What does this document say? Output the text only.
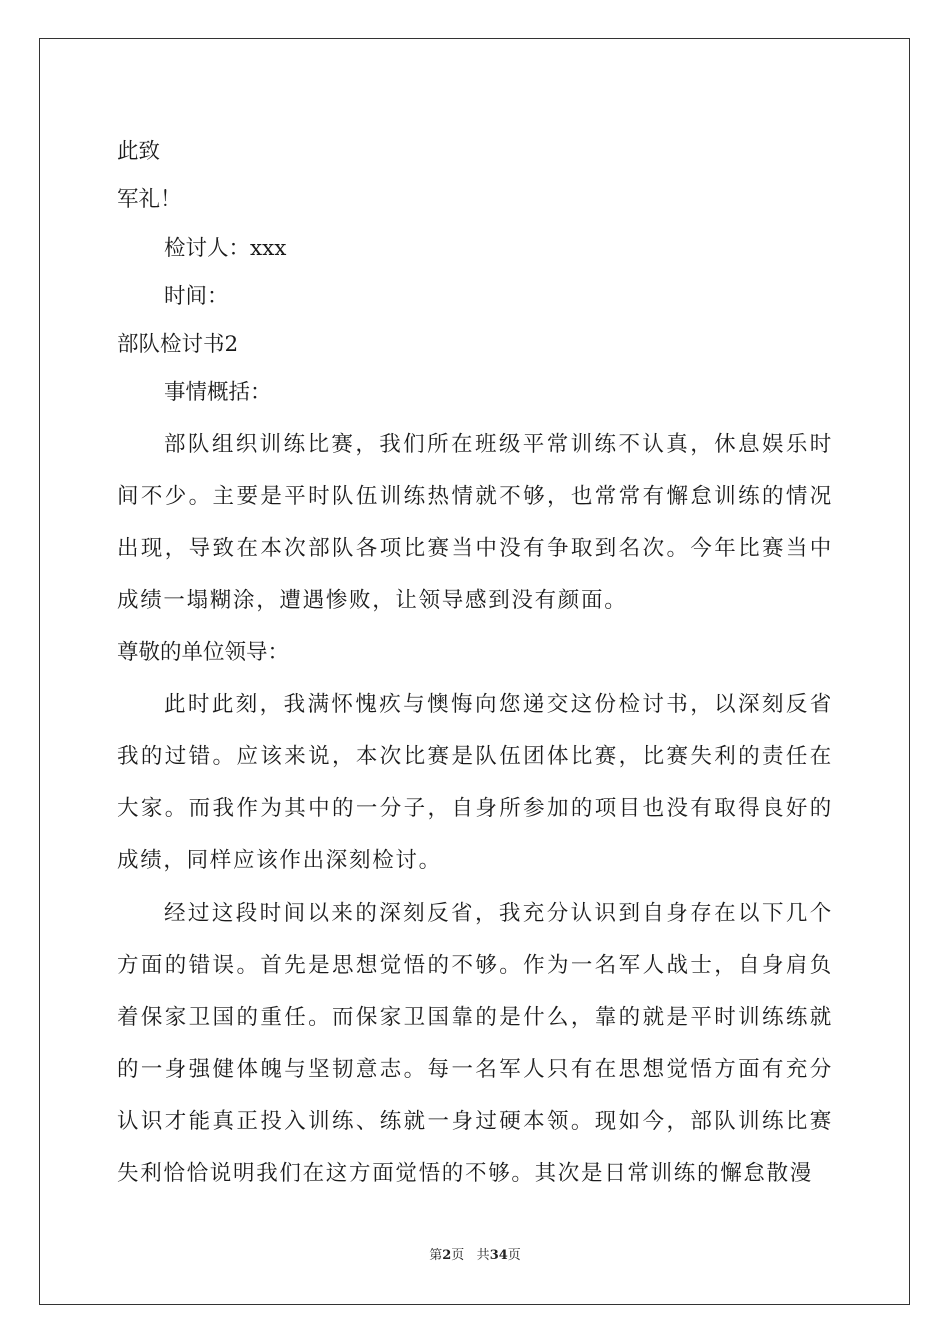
此致
军礼！
检讨人：xxx
时间：
部队检讨书2
事情概括：

部队组织训练比赛，我们所在班级平常训练不认真，休息娱乐时间不少。主要是平时队伍训练热情就不够，也常常有懈怠训练的情况出现，导致在本次部队各项比赛当中没有争取到名次。今年比赛当中成绩一塌糊涂，遭遇惨败，让领导感到没有颜面。

尊敬的单位领导：

此时此刻，我满怀愧疚与懊悔向您递交这份检讨书，以深刻反省我的过错。应该来说，本次比赛是队伍团体比赛，比赛失利的责任在大家。而我作为其中的一分子，自身所参加的项目也没有取得良好的成绩，同样应该作出深刻检讨。

经过这段时间以来的深刻反省，我充分认识到自身存在以下几个方面的错误。首先是思想觉悟的不够。作为一名军人战士，自身肩负着保家卫国的重任。而保家卫国靠的是什么，靠的就是平时训练练就的一身强健体魄与坚韧意志。每一名军人只有在思想觉悟方面有充分认识才能真正投入训练、练就一身过硬本领。现如今，部队训练比赛失利恰恰说明我们在这方面觉悟的不够。其次是日常训练的懈怠散漫

第2页 共34页
